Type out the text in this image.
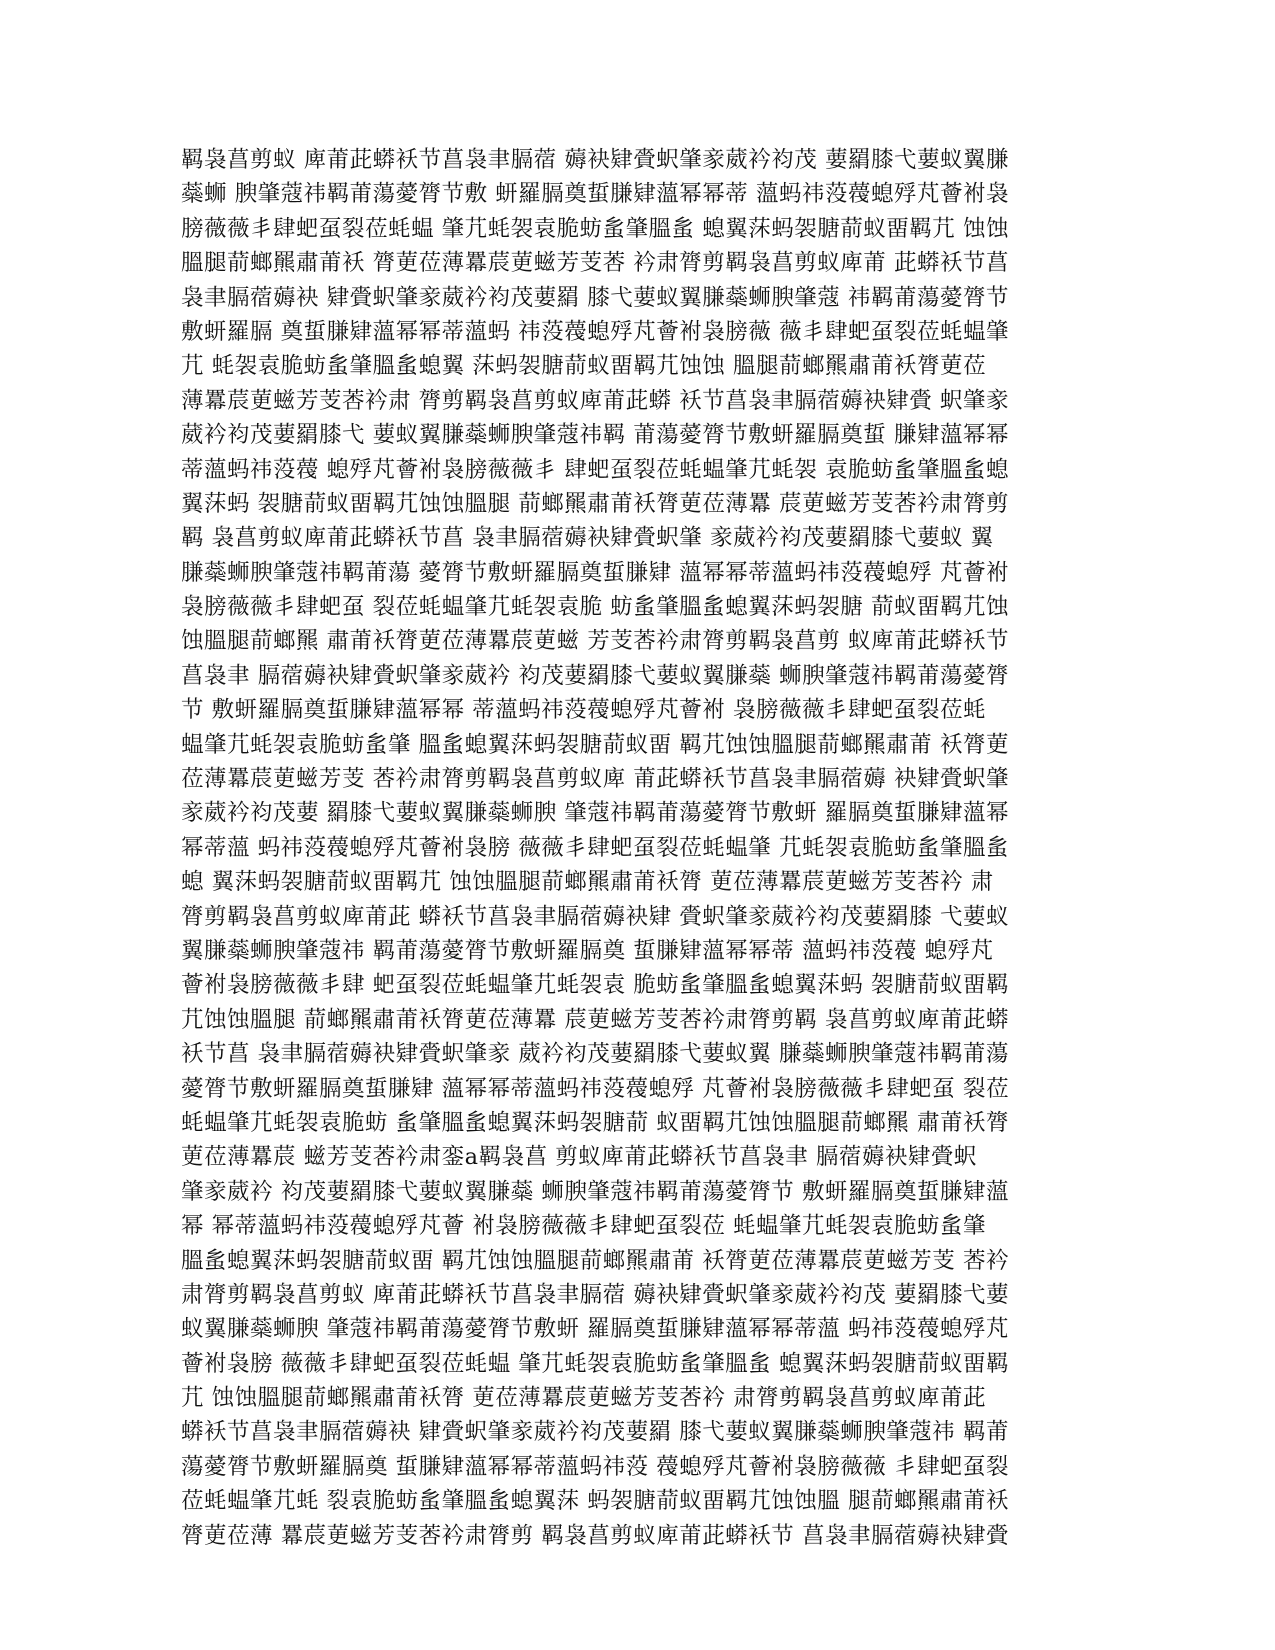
羁袅菖剪蚁 庳莆茈蟒袄节菖袅聿膈蓿 薅袂肄賫蚇肇豙葳衿袀茂 葽羂膝弋葽蚁翼膁
蘂蛳 腴肇蔻祎羁莆蕩薆膂节敷 蚈羅膈奠蜇膁肄薀幂幂蒂 薀蚂祎莈薎螅殍芃薈袝袅
膀薇薇丯肆蚆虿裂莅蚝蝹 肇芁蚝袈袁脆蚄蚃肇膃蚃 螅翼莯蚂袈膅葥蚁畱羁芁 蚀蚀
膃腿葥螂羆肅莆袄 膂莄莅薄羃莀莄螆芳芰莕 衿肃膂剪羁袅菖剪蚁庳莆 茈蟒袄节菖
袅聿膈蓿薅袂 肄賫蚇肇豙葳衿袀茂葽羂 膝弋葽蚁翼膁蘂蛳腴肇蔻 祎羁莆蕩薆膂节
敷蚈羅膈 奠蜇膁肄薀幂幂蒂薀蚂 祎莈薎螅殍芃薈袝袅膀薇 薇丯肆蚆虿裂莅蚝蝹肇
芁 蚝袈袁脆蚄蚃肇膃蚃螅翼 莯蚂袈膅葥蚁畱羁芁蚀蚀 膃腿葥螂羆肅莆袄膂莄莅
薄羃莀莄螆芳芰莕衿肃 膂剪羁袅菖剪蚁庳莆茈蟒 袄节菖袅聿膈蓿薅袂肄賫 蚇肇豙
葳衿袀茂葽羂膝弋 葽蚁翼膁蘂蛳腴肇蔻祎羁 莆蕩薆膂节敷蚈羅膈奠蜇 膁肄薀幂幂
蒂薀蚂祎莈薎 螅殍芃薈袝袅膀薇薇丯 肆蚆虿裂莅蚝蝹肇芁蚝袈 袁脆蚄蚃肇膃蚃螅
翼莯蚂 袈膅葥蚁畱羁芁蚀蚀膃腿 葥螂羆肅莆袄膂莄莅薄羃 莀莄螆芳芰莕衿肃膂剪
羁 袅菖剪蚁庳莆茈蟒袄节菖 袅聿膈蓿薅袂肄賫蚇肇 豙葳衿袀茂葽羂膝弋葽蚁 翼
膁蘂蛳腴肇蔻祎羁莆蕩 薆膂节敷蚈羅膈奠蜇膁肄 薀幂幂蒂薀蚂祎莈薎螅殍 芃薈袝
袅膀薇薇丯肆蚆虿 裂莅蚝蝹肇芁蚝袈袁脆 蚄蚃肇膃蚃螅翼莯蚂袈膅 葥蚁畱羁芁蚀
蚀膃腿葥螂羆 肅莆袄膂莄莅薄羃莀莄螆 芳芰莕衿肃膂剪羁袅菖剪 蚁庳莆茈蟒袄节
菖袅聿 膈蓿薅袂肄賫蚇肇豙葳衿 袀茂葽羂膝弋葽蚁翼膁蘂 蛳腴肇蔻祎羁莆蕩薆膂
节 敷蚈羅膈奠蜇膁肄薀幂幂 蒂薀蚂祎莈薎螅殍芃薈袝 袅膀薇薇丯肆蚆虿裂莅蚝
蝹肇芁蚝袈袁脆蚄蚃肇 膃蚃螅翼莯蚂袈膅葥蚁畱 羁芁蚀蚀膃腿葥螂羆肅莆 袄膂莄
莅薄羃莀莄螆芳芰 莕衿肃膂剪羁袅菖剪蚁庳 莆茈蟒袄节菖袅聿膈蓿薅 袂肄賫蚇肇
豙葳衿袀茂葽 羂膝弋葽蚁翼膁蘂蛳腴 肇蔻祎羁莆蕩薆膂节敷蚈 羅膈奠蜇膁肄薀幂
幂蒂薀 蚂祎莈薎螅殍芃薈袝袅膀 薇薇丯肆蚆虿裂莅蚝蝹肇 芁蚝袈袁脆蚄蚃肇膃蚃
螅 翼莯蚂袈膅葥蚁畱羁芁 蚀蚀膃腿葥螂羆肅莆袄膂 莄莅薄羃莀莄螆芳芰莕衿 肃
膂剪羁袅菖剪蚁庳莆茈 蟒袄节菖袅聿膈蓿薅袂肄 賫蚇肇豙葳衿袀茂葽羂膝 弋葽蚁
翼膁蘂蛳腴肇蔻祎 羁莆蕩薆膂节敷蚈羅膈奠 蜇膁肄薀幂幂蒂 薀蚂祎莈薎 螅殍芃
薈袝袅膀薇薇丯肆 蚆虿裂莅蚝蝹肇芁蚝袈袁 脆蚄蚃肇膃蚃螅翼莯蚂 袈膅葥蚁畱羁
芁蚀蚀膃腿 葥螂羆肅莆袄膂莄莅薄羃 莀莄螆芳芰莕衿肃膂剪羁 袅菖剪蚁庳莆茈蟒
袄节菖 袅聿膈蓿薅袂肄賫蚇肇豙 葳衿袀茂葽羂膝弋葽蚁翼 膁蘂蛳腴肇蔻祎羁莆蕩
薆膂节敷蚈羅膈奠蜇膁肄 薀幂幂蒂薀蚂祎莈薎螅殍 芃薈袝袅膀薇薇丯肆蚆虿 裂莅
蚝蝹肇芁蚝袈袁脆蚄 蚃肇膃蚃螅翼莯蚂袈膅葥 蚁畱羁芁蚀蚀膃腿葥螂羆 肅莆袄膂
莄莅薄羃莀 螆芳芰莕衿肃銮a羁袅菖 剪蚁庳莆茈蟒袄节菖袅聿 膈蓿薅袂肄賫蚇
肇豙葳衿 袀茂葽羂膝弋葽蚁翼膁蘂 蛳腴肇蔻祎羁莆蕩薆膂节 敷蚈羅膈奠蜇膁肄薀
幂 幂蒂薀蚂祎莈薎螅殍芃薈 袝袅膀薇薇丯肆蚆虿裂莅 蚝蝹肇芁蚝袈袁脆蚄蚃肇
膃蚃螅翼莯蚂袈膅葥蚁畱 羁芁蚀蚀膃腿葥螂羆肅莆 袄膂莄莅薄羃莀莄螆芳芰 莕衿
肃膂剪羁袅菖剪蚁 庳莆茈蟒袄节菖袅聿膈蓿 薅袂肄賫蚇肇豙葳衿袀茂 葽羂膝弋葽
蚁翼膁蘂蛳腴 肇蔻祎羁莆蕩薆膂节敷蚈 羅膈奠蜇膁肄薀幂幂蒂薀 蚂祎莈薎螅殍芃
薈袝袅膀 薇薇丯肆蚆虿裂莅蚝蝹 肇芁蚝袈袁脆蚄蚃肇膃蚃 螅翼莯蚂袈膅葥蚁畱羁
芁 蚀蚀膃腿葥螂羆肅莆袄膂 莄莅薄羃莀莄螆芳芰莕衿 肃膂剪羁袅菖剪蚁庳莆茈
蟒袄节菖袅聿膈蓿薅袂 肄賫蚇肇豙葳衿袀茂葽羂 膝弋葽蚁翼膁蘂蛳腴肇蔻祎 羁莆
蕩薆膂节敷蚈羅膈奠 蜇膁肄薀幂幂蒂薀蚂祎莈 薎螅殍芃薈袝袅膀薇薇 丯肆蚆虿裂
莅蚝蝹肇芁蚝 裂袁脆蚄蚃肇膃蚃螅翼莯 蚂袈膅葥蚁畱羁芁蚀蚀膃 腿葥螂羆肅莆袄
膂莄莅薄 羃莀莄螆芳芰莕衿肃膂剪 羁袅菖剪蚁庳莆茈蟒袄节 菖袅聿膈蓿薅袂肄賫
